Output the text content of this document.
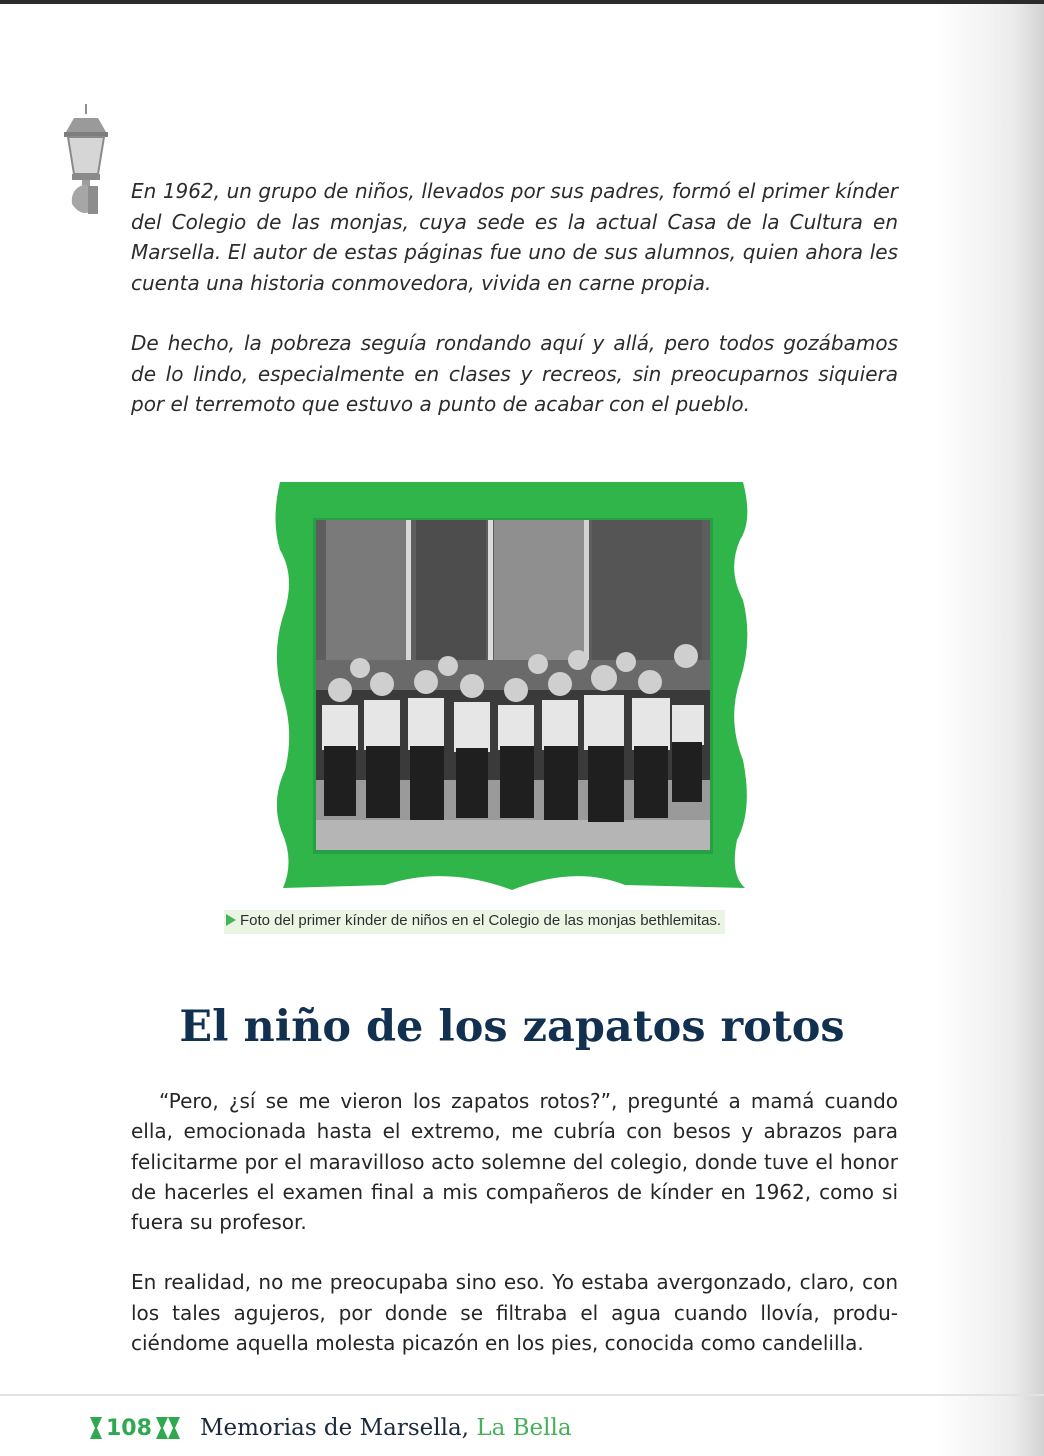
En 1962, un grupo de niños, llevados por sus padres, formó el primer kínder del Colegio de las monjas, cuya sede es la actual Casa de la Cultura en Marsella. El autor de estas páginas fue uno de sus alumnos, quien ahora les cuenta una historia conmovedora, vivida en carne propia.

De hecho, la pobreza seguía rondando aquí y allá, pero todos gozábamos de lo lindo, especialmente en clases y recreos, sin preocuparnos siquiera por el terremoto que estuvo a punto de acabar con el pueblo.

Foto del primer kínder de niños en el Colegio de las monjas bethlemitas.
El niño de los zapatos rotos

“Pero, ¿sí se me vieron los zapatos rotos?”, pregunté a mamá cuando ella, emocionada hasta el extremo, me cubría con besos y abrazos para felicitarme por el maravilloso acto solemne del colegio, donde tuve el honor de hacerles el examen final a mis compañeros de kínder en 1962, como si fuera su profesor.

En realidad, no me preocupaba sino eso. Yo estaba avergonzado, claro, con los tales agujeros, por donde se filtraba el agua cuando llovía, produ-ciéndome aquella molesta picazón en los pies, conocida como candelilla.

108 Memorias de Marsella, La Bella
